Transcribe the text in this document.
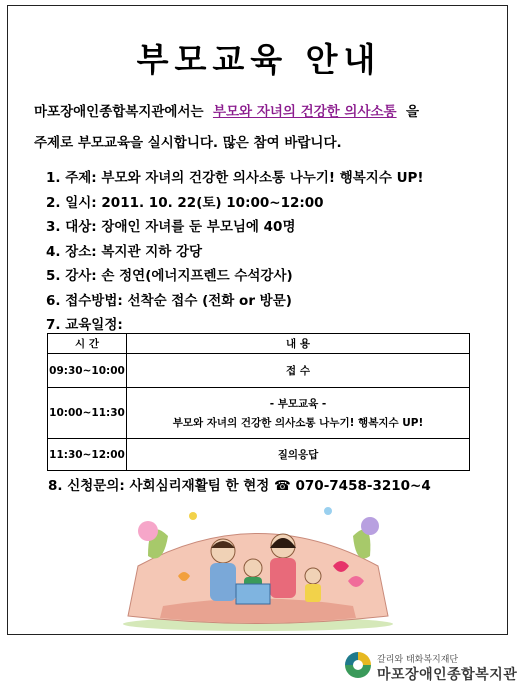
부모교육 안내
마포장애인종합복지관에서는 부모와 자녀의 건강한 의사소통 을
주제로 부모교육을 실시합니다. 많은 참여 바랍니다.
1. 주제: 부모와 자녀의 건강한 의사소통 나누기! 행복지수 UP!
2. 일시: 2011. 10. 22(토) 10:00~12:00
3. 대상: 장애인 자녀를 둔 부모님에 40명
4. 장소: 복지관 지하 강당
5. 강사: 손 정연(에너지프렌드 수석강사)
6. 접수방법: 선착순 접수 (전화 or 방문)
7. 교육일정:
시 간	내 용
09:30~10:00	접 수
10:00~11:30	- 부모교육 -
부모와 자녀의 건강한 의사소통 나누기! 행복지수 UP!

11:30~12:00	질의응답
8. 신청문의: 사회심리재활팀 한 현정 ☎ 070-7458-3210~4
갈리와 태화복지재단
마포장애인종합복지관
